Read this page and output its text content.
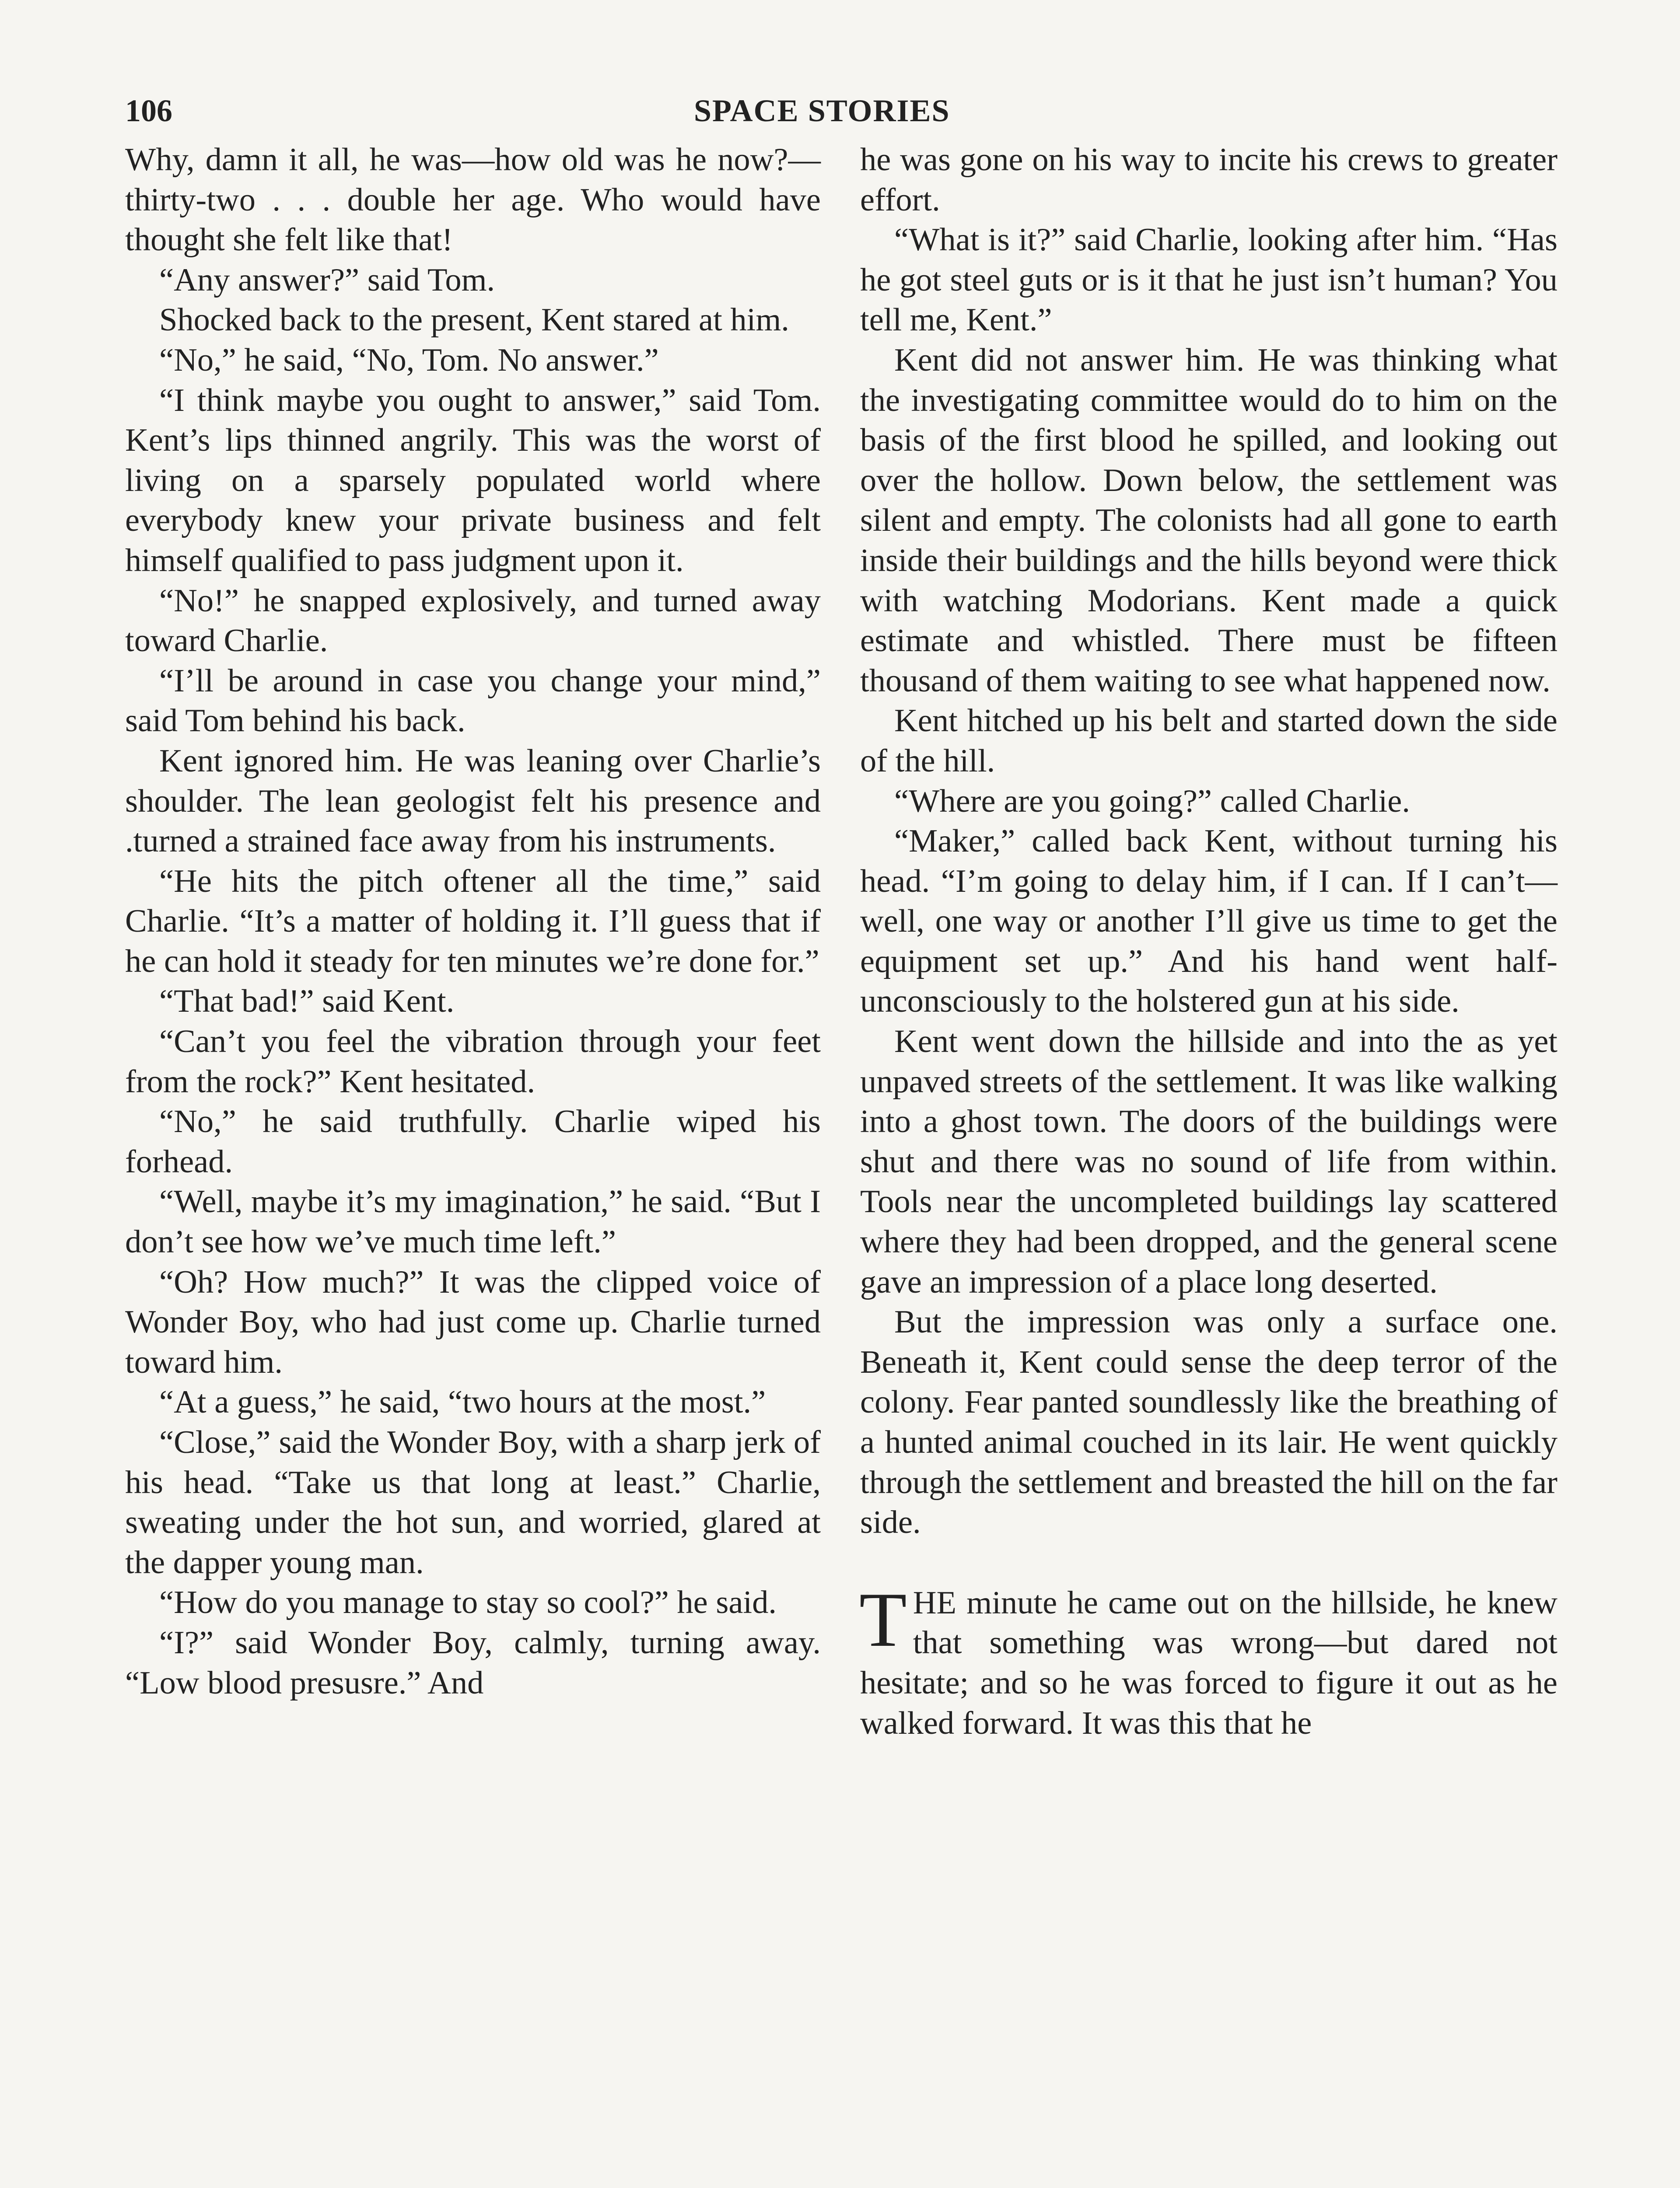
106	SPACE STORIES

Why, damn it all, he was—how old was he now?—thirty-two . . . double her age. Who would have thought she felt like that!

“Any answer?” said Tom.

Shocked back to the present, Kent stared at him.

“No,” he said, “No, Tom. No answer.”

“I think maybe you ought to answer,” said Tom. Kent’s lips thinned angrily. This was the worst of living on a sparsely populated world where everybody knew your private business and felt himself qualified to pass judgment upon it.

“No!” he snapped explosively, and turned away toward Charlie.

“I’ll be around in case you change your mind,” said Tom behind his back.

Kent ignored him. He was leaning over Charlie’s shoulder. The lean geologist felt his presence and .turned a strained face away from his instruments.

“He hits the pitch oftener all the time,” said Charlie. “It’s a matter of holding it. I’ll guess that if he can hold it steady for ten minutes we’re done for.”

“That bad!” said Kent.

“Can’t you feel the vibration through your feet from the rock?” Kent hesitated.

“No,” he said truthfully. Charlie wiped his forhead.

“Well, maybe it’s my imagination,” he said. “But I don’t see how we’ve much time left.”

“Oh? How much?” It was the clipped voice of Wonder Boy, who had just come up. Charlie turned toward him.

“At a guess,” he said, “two hours at the most.”

“Close,” said the Wonder Boy, with a sharp jerk of his head. “Take us that long at least.” Charlie, sweating under the hot sun, and worried, glared at the dapper young man.

“How do you manage to stay so cool?” he said.

“I?” said Wonder Boy, calmly, turning away. “Low blood presusre.” And

he was gone on his way to incite his crews to greater effort.

“What is it?” said Charlie, looking after him. “Has he got steel guts or is it that he just isn’t human? You tell me, Kent.”

Kent did not answer him. He was thinking what the investigating committee would do to him on the basis of the first blood he spilled, and looking out over the hollow. Down below, the settlement was silent and empty. The colonists had all gone to earth inside their buildings and the hills beyond were thick with watching Modorians. Kent made a quick estimate and whistled. There must be fifteen thousand of them waiting to see what happened now.

Kent hitched up his belt and started down the side of the hill.

“Where are you going?” called Charlie.

“Maker,” called back Kent, without turning his head. “I’m going to delay him, if I can. If I can’t—well, one way or another I’ll give us time to get the equipment set up.” And his hand went half-unconsciously to the holstered gun at his side.

Kent went down the hillside and into the as yet unpaved streets of the settlement. It was like walking into a ghost town. The doors of the buildings were shut and there was no sound of life from within. Tools near the uncompleted buildings lay scattered where they had been dropped, and the general scene gave an impression of a place long deserted.

But the impression was only a surface one. Beneath it, Kent could sense the deep terror of the colony. Fear panted soundlessly like the breathing of a hunted animal couched in its lair. He went quickly through the settlement and breasted the hill on the far side.

THE minute he came out on the hillside, he knew that something was wrong—but dared not hesitate; and so he was forced to figure it out as he walked forward. It was this that he
